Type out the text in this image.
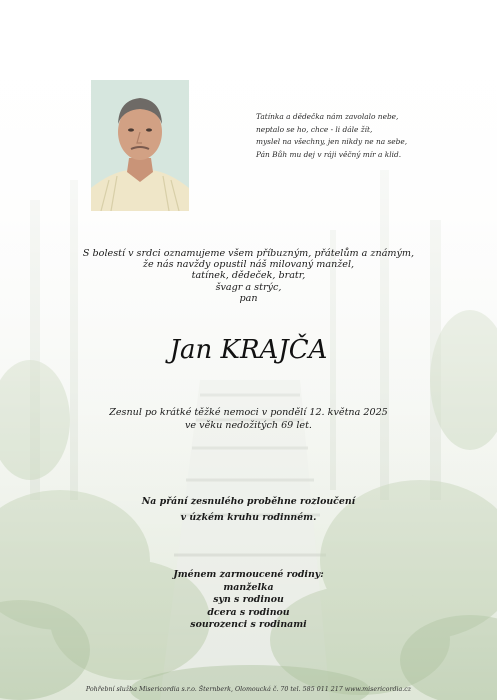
Tatínka a dědečka nám zavolalo nebe,
neptalo se ho, chce - li dále žít,
myslel na všechny, jen nikdy ne na sebe,
Pán Bůh mu dej v ráji věčný mír a klid.
S bolestí v srdci oznamujeme všem příbuzným, přátelům a známým,
že nás navždy opustil náš milovaný manžel,
tatínek, dědeček, bratr,
švagr a strýc,
pan
Jan KRAJČA
Zesnul po krátké těžké nemoci v pondělí 12. května 2025
ve věku nedožitých 69 let.
Na přání zesnulého proběhne rozloučení
v úzkém kruhu rodinném.
Jménem zarmoucené rodiny:
manželka
syn s rodinou
dcera s rodinou
sourozenci s rodinami
Pohřební služba Misericordia s.r.o. Šternberk, Olomoucká č. 70 tel. 585 011 217 www.misericordia.cz
